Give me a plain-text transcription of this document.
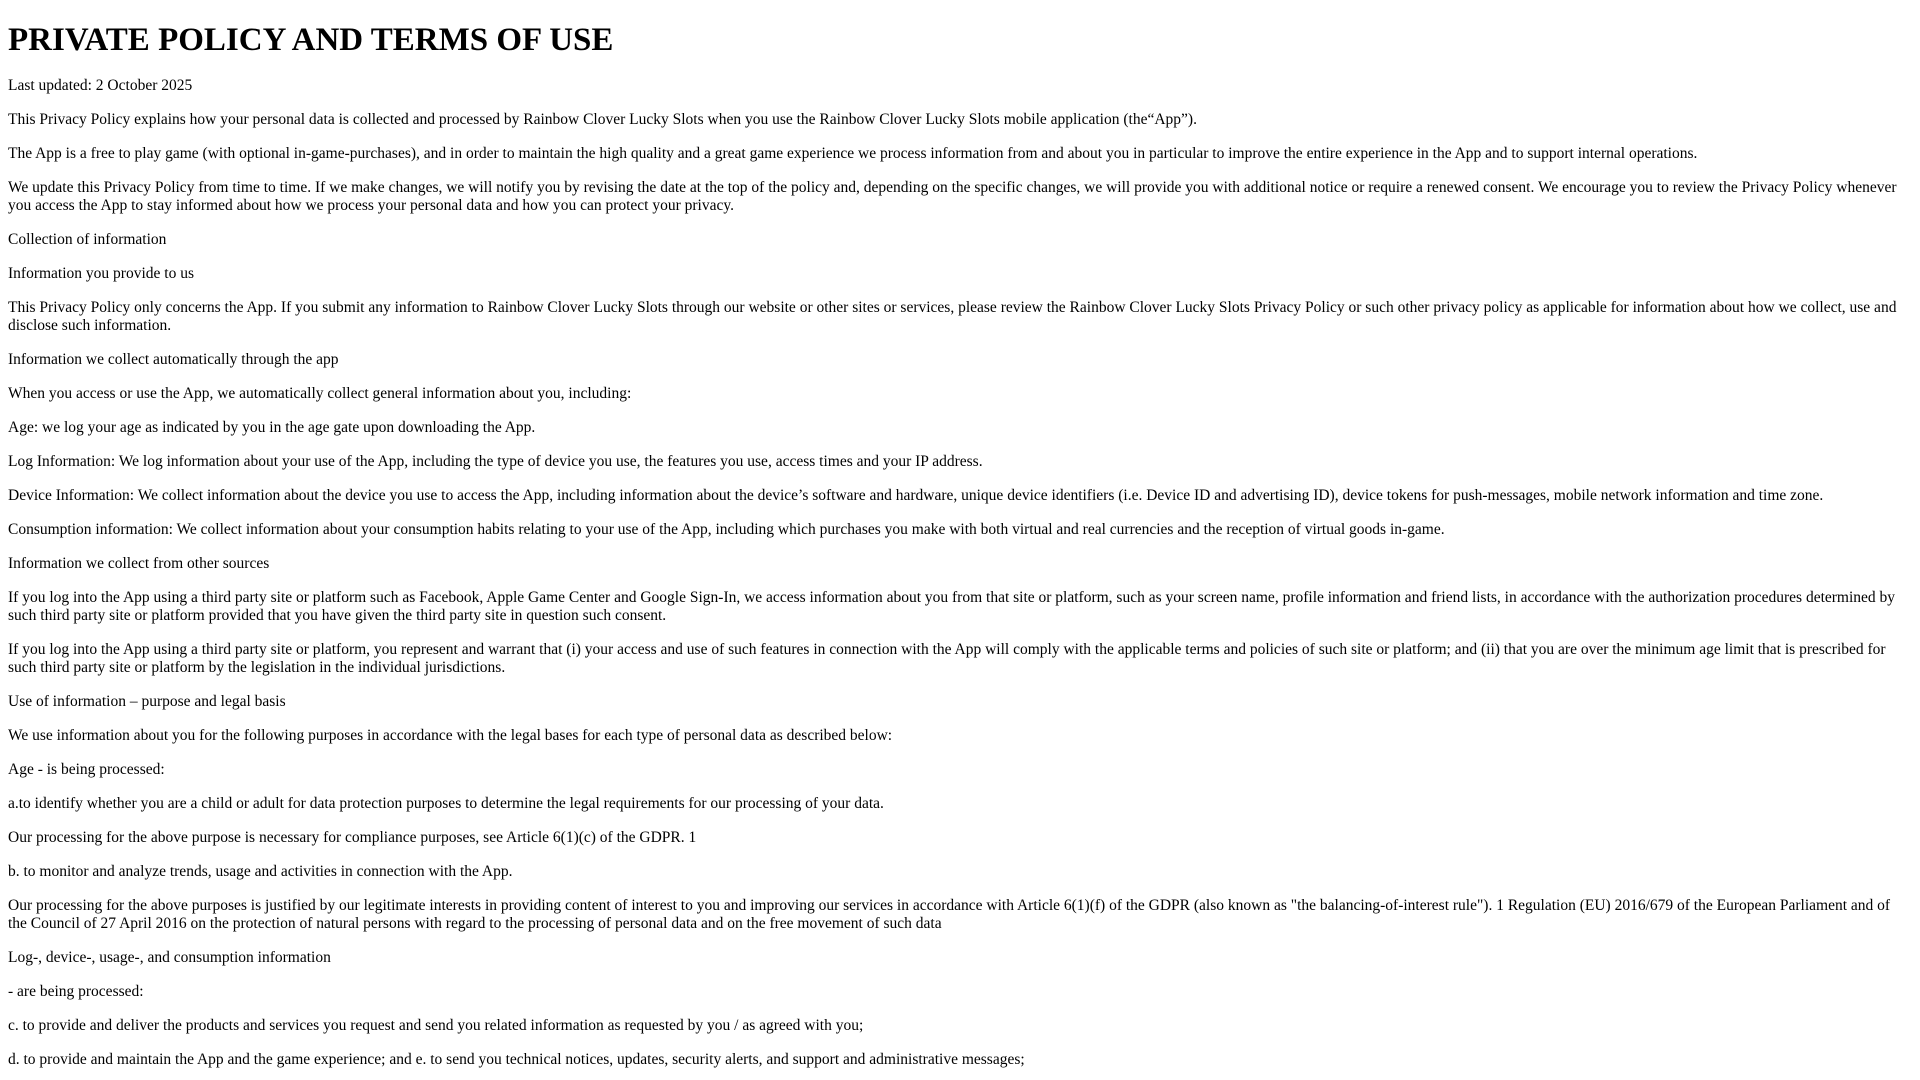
PRIVATE POLICY AND TERMS OF USE

Last updated: 2 October 2025

This Privacy Policy explains how your personal data is collected and processed by Rainbow Clover Lucky Slots when you use the Rainbow Clover Lucky Slots mobile application (the“App”).

The App is a free to play game (with optional in-game-purchases), and in order to maintain the high quality and a great game experience we process information from and about you in particular to improve the entire experience in the App and to support internal operations.

We update this Privacy Policy from time to time. If we make changes, we will notify you by revising the date at the top of the policy and, depending on the specific changes, we will provide you with additional notice or require a renewed consent. We encourage you to review the Privacy Policy whenever you access the App to stay informed about how we process your personal data and how you can protect your privacy.

Collection of information

Information you provide to us

This Privacy Policy only concerns the App. If you submit any information to Rainbow Clover Lucky Slots through our website or other sites or services, please review the Rainbow Clover Lucky Slots Privacy Policy or such other privacy policy as applicable for information about how we collect, use and disclose such information.

Information we collect automatically through the app

When you access or use the App, we automatically collect general information about you, including:

Age: we log your age as indicated by you in the age gate upon downloading the App.

Log Information: We log information about your use of the App, including the type of device you use, the features you use, access times and your IP address.

Device Information: We collect information about the device you use to access the App, including information about the device’s software and hardware, unique device identifiers (i.e. Device ID and advertising ID), device tokens for push-messages, mobile network information and time zone.

Consumption information: We collect information about your consumption habits relating to your use of the App, including which purchases you make with both virtual and real currencies and the reception of virtual goods in-game.

Information we collect from other sources

If you log into the App using a third party site or platform such as Facebook, Apple Game Center and Google Sign-In, we access information about you from that site or platform, such as your screen name, profile information and friend lists, in accordance with the authorization procedures determined by such third party site or platform provided that you have given the third party site in question such consent.

If you log into the App using a third party site or platform, you represent and warrant that (i) your access and use of such features in connection with the App will comply with the applicable terms and policies of such site or platform; and (ii) that you are over the minimum age limit that is prescribed for such third party site or platform by the legislation in the individual jurisdictions.

Use of information – purpose and legal basis

We use information about you for the following purposes in accordance with the legal bases for each type of personal data as described below:

Age - is being processed:

a.to identify whether you are a child or adult for data protection purposes to determine the legal requirements for our processing of your data.

Our processing for the above purpose is necessary for compliance purposes, see Article 6(1)(c) of the GDPR. 1

b. to monitor and analyze trends, usage and activities in connection with the App.

Our processing for the above purposes is justified by our legitimate interests in providing content of interest to you and improving our services in accordance with Article 6(1)(f) of the GDPR (also known as "the balancing-of-interest rule"). 1 Regulation (EU) 2016/679 of the European Parliament and of the Council of 27 April 2016 on the protection of natural persons with regard to the processing of personal data and on the free movement of such data

Log-, device-, usage-, and consumption information

- are being processed:

c. to provide and deliver the products and services you request and send you related information as requested by you / as agreed with you;

d. to provide and maintain the App and the game experience; and e. to send you technical notices, updates, security alerts, and support and administrative messages;
